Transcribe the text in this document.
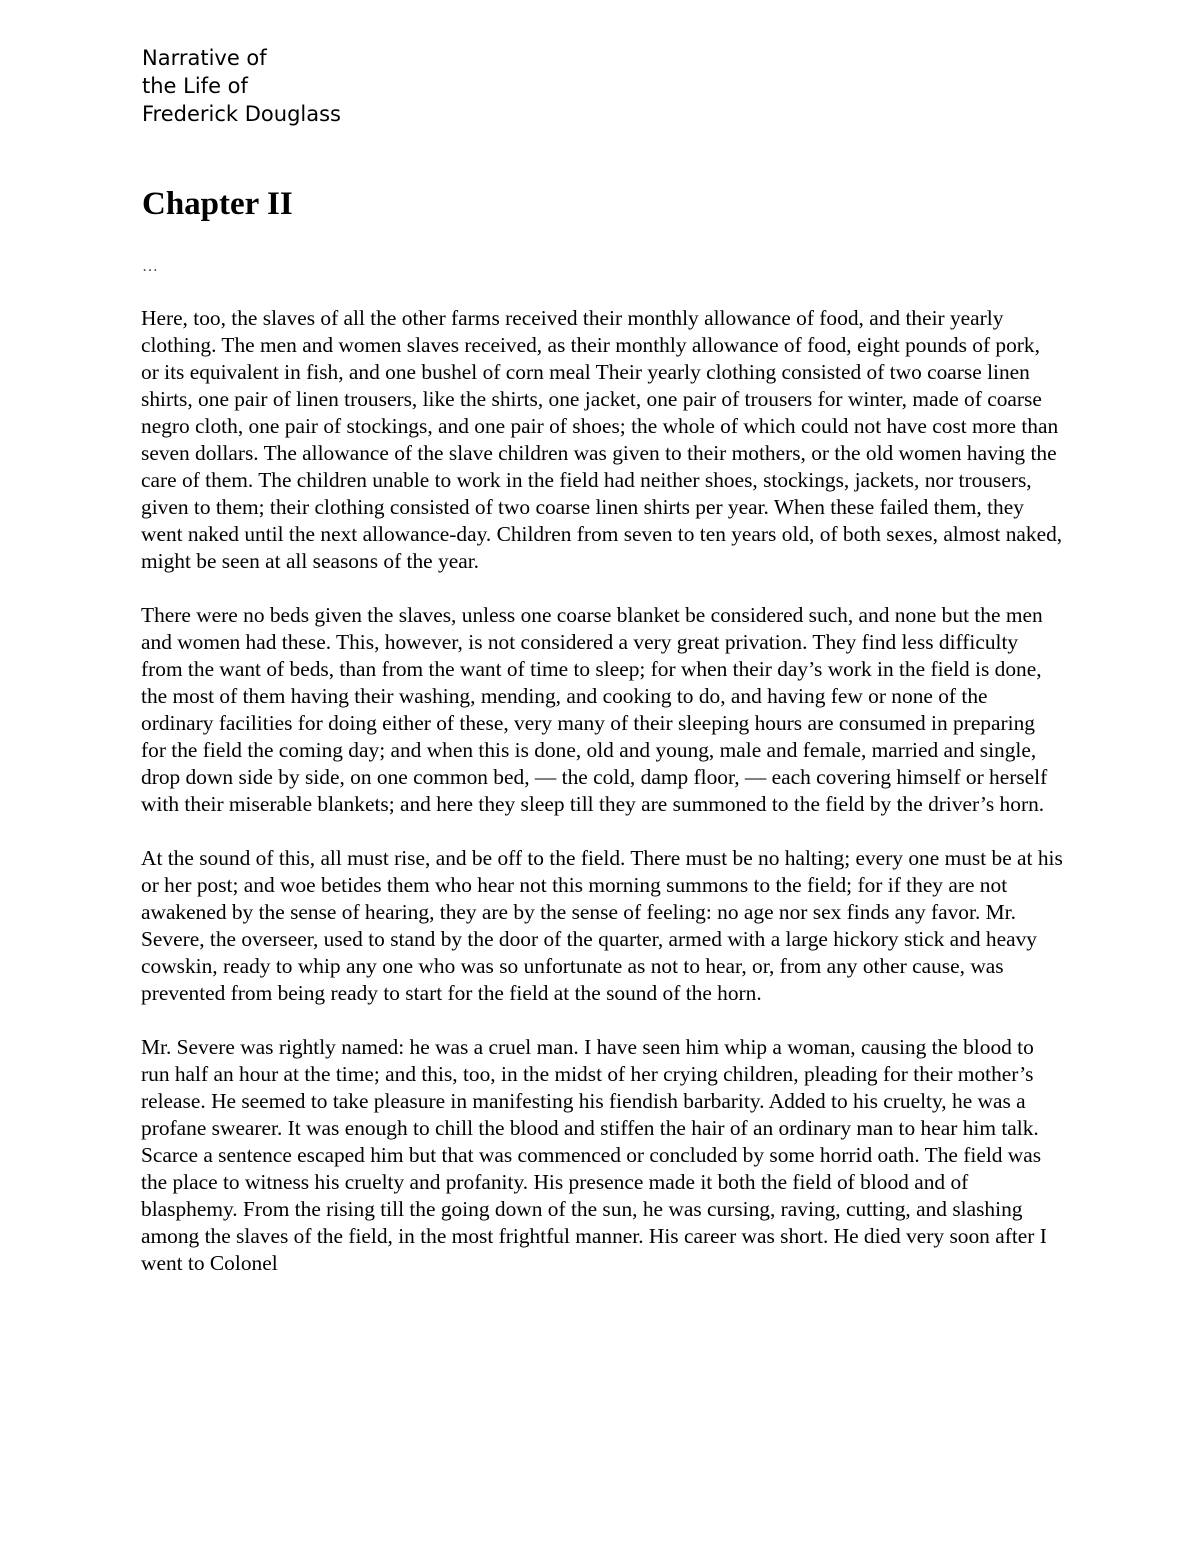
Narrative of
the Life of
Frederick Douglass
Chapter II
…

Here, too, the slaves of all the other farms received their monthly allowance of food, and their yearly clothing. The men and women slaves received, as their monthly allowance of food, eight pounds of pork, or its equivalent in fish, and one bushel of corn meal Their yearly clothing consisted of two coarse linen shirts, one pair of linen trousers, like the shirts, one jacket, one pair of trousers for winter, made of coarse negro cloth, one pair of stockings, and one pair of shoes; the whole of which could not have cost more than seven dollars. The allowance of the slave children was given to their mothers, or the old women having the care of them. The children unable to work in the field had neither shoes, stockings, jackets, nor trousers, given to them; their clothing consisted of two coarse linen shirts per year. When these failed them, they went naked until the next allowance-day. Children from seven to ten years old, of both sexes, almost naked, might be seen at all seasons of the year.

There were no beds given the slaves, unless one coarse blanket be considered such, and none but the men and women had these. This, however, is not considered a very great privation. They find less difficulty from the want of beds, than from the want of time to sleep; for when their day’s work in the field is done, the most of them having their washing, mending, and cooking to do, and having few or none of the ordinary facilities for doing either of these, very many of their sleeping hours are consumed in preparing for the field the coming day; and when this is done, old and young, male and female, married and single, drop down side by side, on one common bed, — the cold, damp floor, — each covering himself or herself with their miserable blankets; and here they sleep till they are summoned to the field by the driver’s horn.

At the sound of this, all must rise, and be off to the field. There must be no halting; every one must be at his or her post; and woe betides them who hear not this morning summons to the field; for if they are not awakened by the sense of hearing, they are by the sense of feeling: no age nor sex finds any favor. Mr. Severe, the overseer, used to stand by the door of the quarter, armed with a large hickory stick and heavy cowskin, ready to whip any one who was so unfortunate as not to hear, or, from any other cause, was prevented from being ready to start for the field at the sound of the horn.

Mr. Severe was rightly named: he was a cruel man. I have seen him whip a woman, causing the blood to run half an hour at the time; and this, too, in the midst of her crying children, pleading for their mother’s release. He seemed to take pleasure in manifesting his fiendish barbarity. Added to his cruelty, he was a profane swearer. It was enough to chill the blood and stiffen the hair of an ordinary man to hear him talk. Scarce a sentence escaped him but that was commenced or concluded by some horrid oath. The field was the place to witness his cruelty and profanity. His presence made it both the field of blood and of blasphemy. From the rising till the going down of the sun, he was cursing, raving, cutting, and slashing among the slaves of the field, in the most frightful manner. His career was short. He died very soon after I went to Colonel
